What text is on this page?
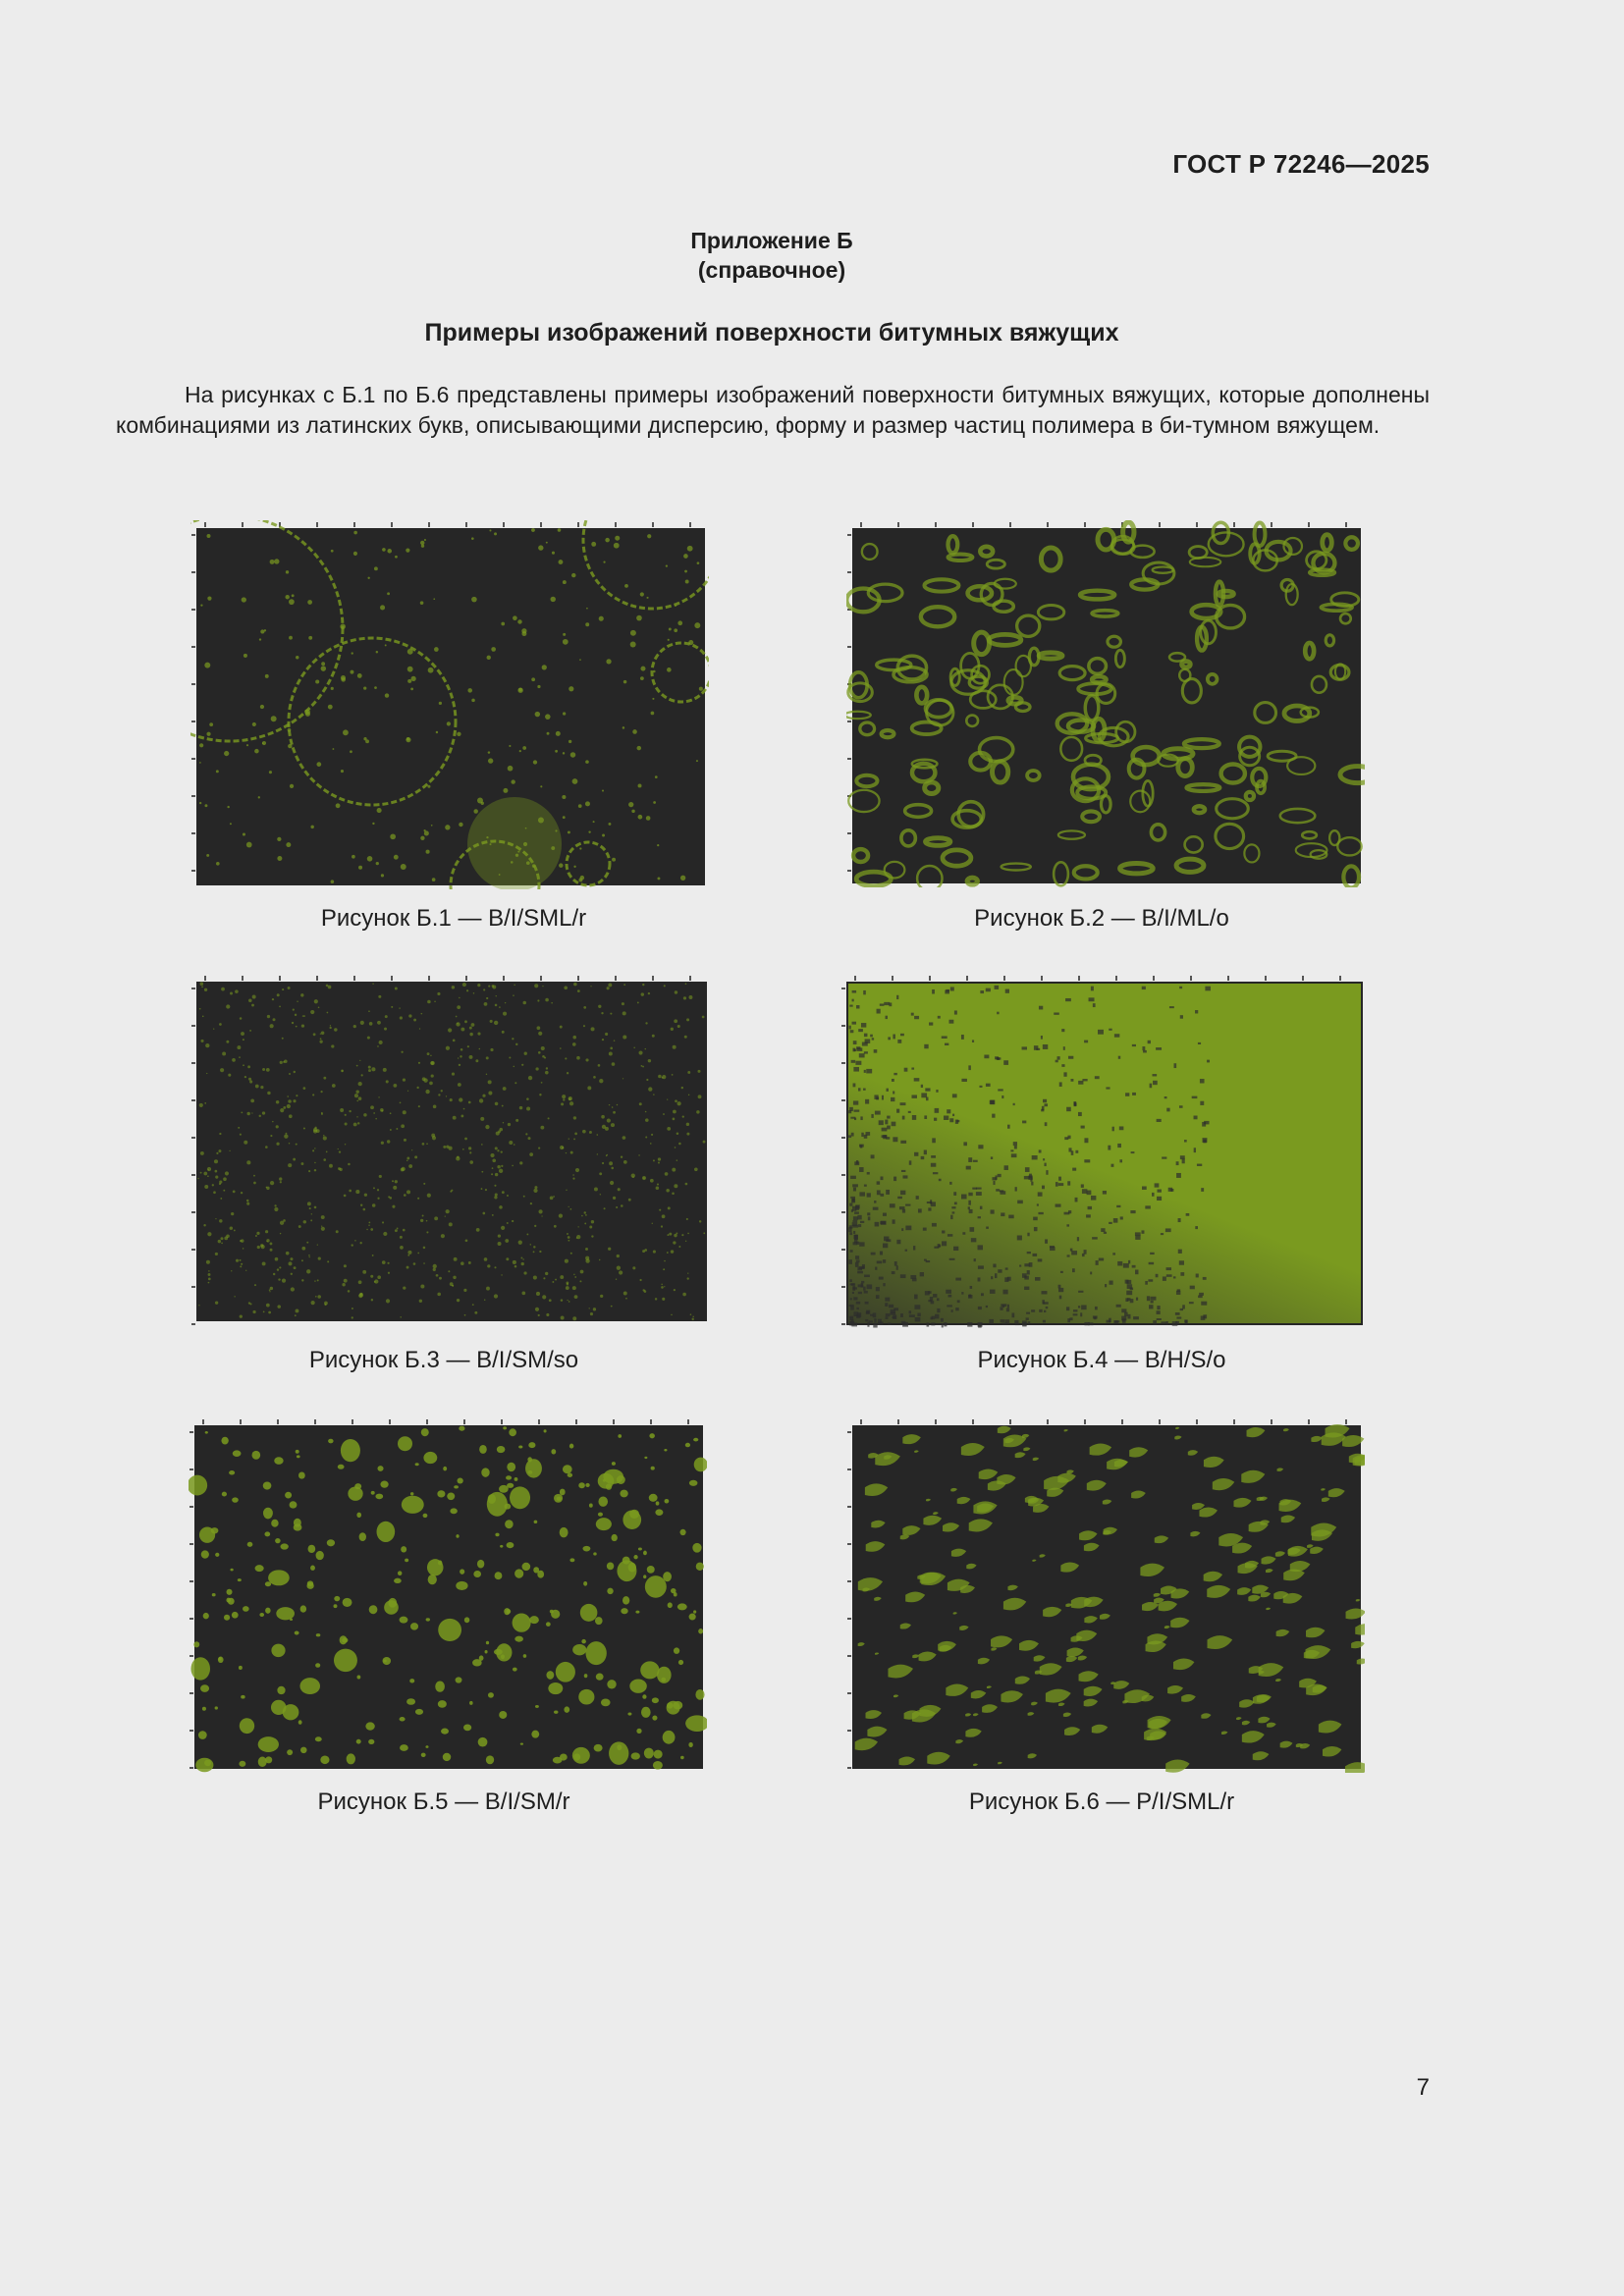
ГОСТ Р 72246—2025
Приложение Б
(справочное)
Примеры изображений поверхности битумных вяжущих
На рисунках с Б.1 по Б.6 представлены примеры изображений поверхности битумных вяжущих, которые дополнены комбинациями из латинских букв, описывающими дисперсию, форму и размер частиц полимера в би-тумном вяжущем.
Рисунок Б.1 — B/I/SML/r	Рисунок Б.2 — B/I/ML/o
Рисунок Б.3 — B/I/SM/so	Рисунок Б.4 — B/H/S/o
Рисунок Б.5 — B/I/SM/r	Рисунок Б.6 — P/I/SML/r
7
